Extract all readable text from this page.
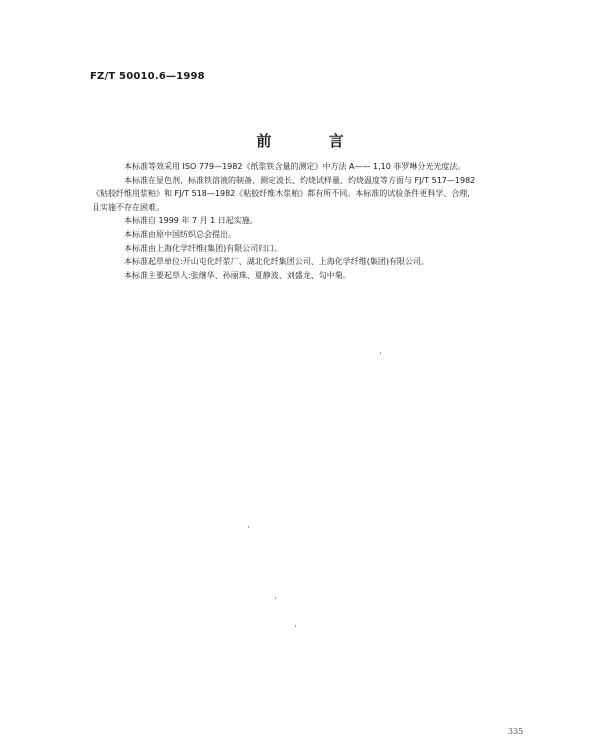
FZ/T 50010.6—1998
前 言

本标准等效采用 ISO 779—1982《纸浆铁含量的测定》中方法 A—— 1,10 菲罗啉分光光度法。

本标准在显色剂、标准铁溶液的制备、测定波长、灼烧试样量、灼烧温度等方面与 FJ/T 517—1982

《粘胶纤维用浆粕》和 FJ/T 518—1982《粘胶纤维木浆粕》都有所不同。本标准的试验条件更科学、合理,

且实施不存在困难。

本标准自 1999 年 7 月 1 日起实施。

本标准由原中国纺织总会提出。

本标准由上海化学纤维(集团)有限公司归口。

本标准起草单位:开山屯化纤浆厂、湖北化纤集团公司、上海化学纤维(集团)有限公司。

本标准主要起草人:张继华、孙丽珠、夏静波、刘盛龙、勾中菊。

335
